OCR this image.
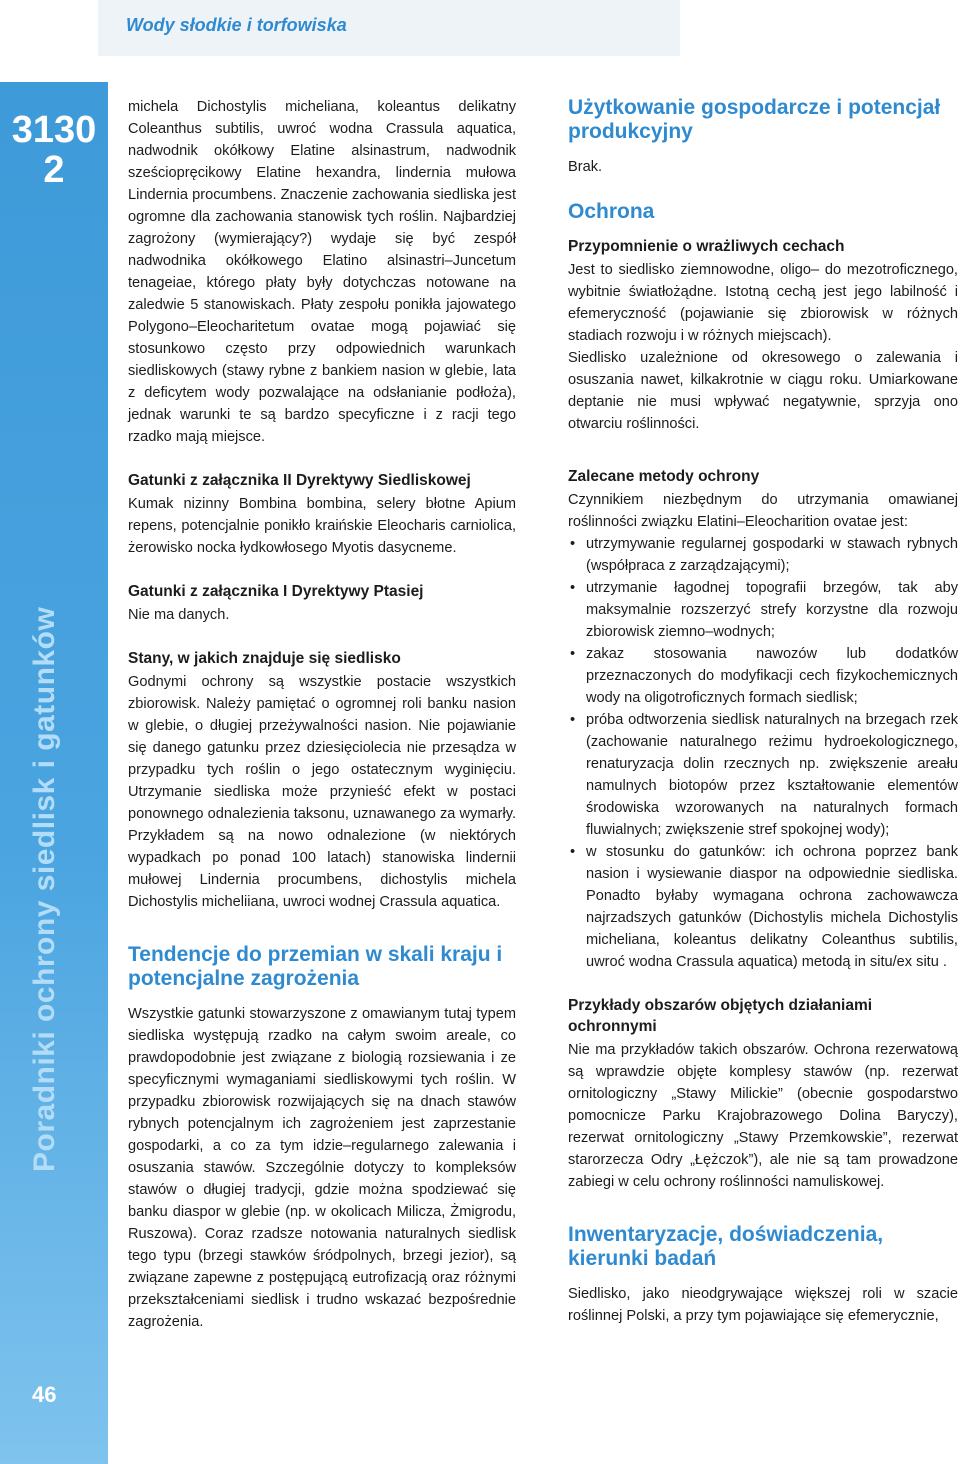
Wody słodkie i torfowiska
3130
2
Poradniki ochrony siedlisk i gatunków
46

michela Dichostylis micheliana, koleantus delikatny Coleanthus subtilis, uwroć wodna Crassula aquatica, nadwodnik okółkowy Elatine alsinastrum, nadwodnik sześciopręcikowy Elatine hexandra, lindernia mułowa Lindernia procumbens. Znaczenie zachowania siedliska jest ogromne dla zachowania stanowisk tych roślin. Najbardziej zagrożony (wymierający?) wydaje się być zespół nadwodnika okółkowego Elatino alsinastri–Juncetum tenageiae, którego płaty były dotychczas notowane na zaledwie 5 stanowiskach. Płaty zespołu ponikła jajowatego Polygono–Eleocharitetum ovatae mogą pojawiać się stosunkowo często przy odpowiednich warunkach siedliskowych (stawy rybne z bankiem nasion w glebie, lata z deficytem wody pozwalające na odsłanianie podłoża), jednak warunki te są bardzo specyficzne i z racji tego rzadko mają miejsce.

Gatunki z załącznika II Dyrektywy Siedliskowej

Kumak nizinny Bombina bombina, selery błotne Apium repens, potencjalnie ponikło kraińskie Eleocharis carniolica, żerowisko nocka łydkowłosego Myotis dasycneme.

Gatunki z załącznika I Dyrektywy Ptasiej

Nie ma danych.

Stany, w jakich znajduje się siedlisko

Godnymi ochrony są wszystkie postacie wszystkich zbiorowisk. Należy pamiętać o ogromnej roli banku nasion w glebie, o długiej przeżywalności nasion. Nie pojawianie się danego gatunku przez dziesięciolecia nie przesądza w przypadku tych roślin o jego ostatecznym wyginięciu. Utrzymanie siedliska może przynieść efekt w postaci ponownego odnalezienia taksonu, uznawanego za wymarły. Przykładem są na nowo odnalezione (w niektórych wypadkach po ponad 100 latach) stanowiska lindernii mułowej Lindernia procumbens, dichostylis michela Dichostylis micheliiana, uwroci wodnej Crassula aquatica.

Tendencje do przemian w skali kraju i potencjalne zagrożenia

Wszystkie gatunki stowarzyszone z omawianym tutaj typem siedliska występują rzadko na całym swoim areale, co prawdopodobnie jest związane z biologią rozsiewania i ze specyficznymi wymaganiami siedliskowymi tych roślin. W przypadku zbiorowisk rozwijających się na dnach stawów rybnych potencjalnym ich zagrożeniem jest zaprzestanie gospodarki, a co za tym idzie–regularnego zalewania i osuszania stawów. Szczególnie dotyczy to kompleksów stawów o długiej tradycji, gdzie można spodziewać się banku diaspor w glebie (np. w okolicach Milicza, Żmigrodu, Ruszowa). Coraz rzadsze notowania naturalnych siedlisk tego typu (brzegi stawków śródpolnych, brzegi jezior), są związane zapewne z postępującą eutrofizacją oraz różnymi przekształceniami siedlisk i trudno wskazać bezpośrednie zagrożenia.

Użytkowanie gospodarcze i potencjał produkcyjny

Brak.

Ochrona
Przypomnienie o wrażliwych cechach

Jest to siedlisko ziemnowodne, oligo– do mezotroficznego, wybitnie światłożądne. Istotną cechą jest jego labilność i efemeryczność (pojawianie się zbiorowisk w różnych stadiach rozwoju i w różnych miejscach).

Siedlisko uzależnione od okresowego o zalewania i osuszania nawet, kilkakrotnie w ciągu roku. Umiarkowane deptanie nie musi wpływać negatywnie, sprzyja ono otwarciu roślinności.

Zalecane metody ochrony

Czynnikiem niezbędnym do utrzymania omawianej roślinności związku Elatini–Eleocharition ovatae jest:

• utrzymywanie regularnej gospodarki w stawach rybnych (współpraca z zarządzającymi);
• utrzymanie łagodnej topografii brzegów, tak aby maksymalnie rozszerzyć strefy korzystne dla rozwoju zbiorowisk ziemno–wodnych;
• zakaz stosowania nawozów lub dodatków przeznaczonych do modyfikacji cech fizykochemicznych wody na oligotroficznych formach siedlisk;
• próba odtworzenia siedlisk naturalnych na brzegach rzek (zachowanie naturalnego reżimu hydroekologicznego, renaturyzacja dolin rzecznych np. zwiększenie areału namulnych biotopów przez kształtowanie elementów środowiska wzorowanych na naturalnych formach fluwialnych; zwiększenie stref spokojnej wody);
• w stosunku do gatunków: ich ochrona poprzez bank nasion i wysiewanie diaspor na odpowiednie siedliska. Ponadto byłaby wymagana ochrona zachowawcza najrzadszych gatunków (Dichostylis michela Dichostylis micheliana, koleantus delikatny Coleanthus subtilis, uwroć wodna Crassula aquatica) metodą in situ/ex situ .
Przykłady obszarów objętych działaniami ochronnymi

Nie ma przykładów takich obszarów. Ochrona rezerwatową są wprawdzie objęte komplesy stawów (np. rezerwat ornitologiczny „Stawy Milickie” (obecnie gospodarstwo pomocnicze Parku Krajobrazowego Dolina Baryczy), rezerwat ornitologiczny „Stawy Przemkowskie”, rezerwat starorzecza Odry „Łężczok”), ale nie są tam prowadzone zabiegi w celu ochrony roślinności namuliskowej.

Inwentaryzacje, doświadczenia, kierunki badań

Siedlisko, jako nieodgrywające większej roli w szacie roślinnej Polski, a przy tym pojawiające się efemerycznie,
